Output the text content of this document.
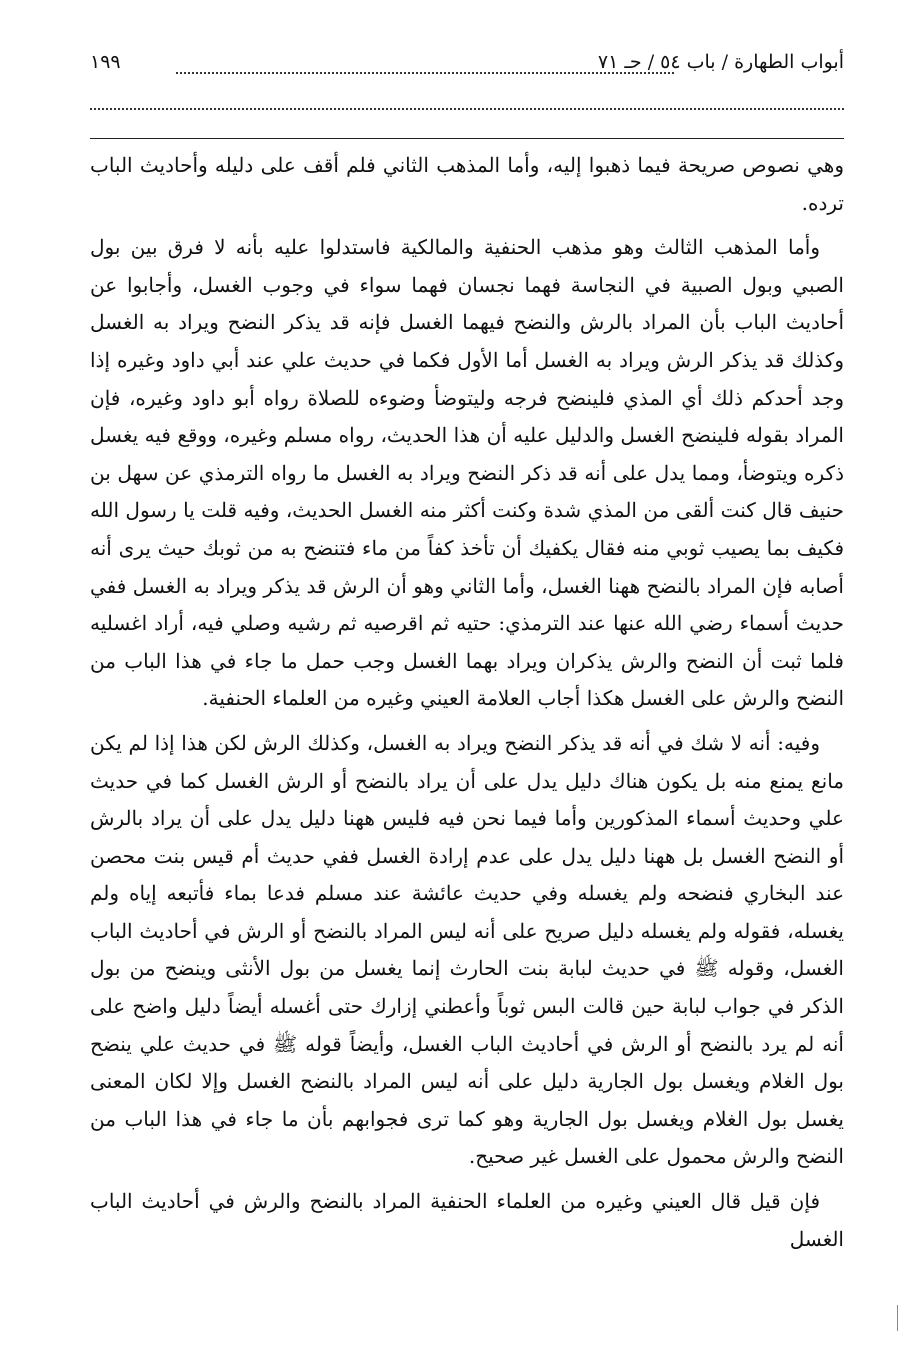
أبواب الطهارة / باب ٥٤ / حـ ٧١
١٩٩

وهي نصوص صريحة فيما ذهبوا إليه، وأما المذهب الثاني فلم أقف على دليله وأحاديث الباب ترده.

وأما المذهب الثالث وهو مذهب الحنفية والمالكية فاستدلوا عليه بأنه لا فرق بين بول الصبي وبول الصبية في النجاسة فهما نجسان فهما سواء في وجوب الغسل، وأجابوا عن أحاديث الباب بأن المراد بالرش والنضح فيهما الغسل فإنه قد يذكر النضح ويراد به الغسل وكذلك قد يذكر الرش ويراد به الغسل أما الأول فكما في حديث علي عند أبي داود وغيره إذا وجد أحدكم ذلك أي المذي فلينضح فرجه وليتوضأ وضوءه للصلاة رواه أبو داود وغيره، فإن المراد بقوله فلينضح الغسل والدليل عليه أن هذا الحديث، رواه مسلم وغيره، ووقع فيه يغسل ذكره ويتوضأ، ومما يدل على أنه قد ذكر النضح ويراد به الغسل ما رواه الترمذي عن سهل بن حنيف قال كنت ألقى من المذي شدة وكنت أكثر منه الغسل الحديث، وفيه قلت يا رسول الله فكيف بما يصيب ثوبي منه فقال يكفيك أن تأخذ كفاً من ماء فتنضح به من ثوبك حيث يرى أنه أصابه فإن المراد بالنضح ههنا الغسل، وأما الثاني وهو أن الرش قد يذكر ويراد به الغسل ففي حديث أسماء رضي الله عنها عند الترمذي: حتيه ثم اقرصيه ثم رشيه وصلي فيه، أراد اغسليه فلما ثبت أن النضح والرش يذكران ويراد بهما الغسل وجب حمل ما جاء في هذا الباب من النضح والرش على الغسل هكذا أجاب العلامة العيني وغيره من العلماء الحنفية.

وفيه: أنه لا شك في أنه قد يذكر النضح ويراد به الغسل، وكذلك الرش لكن هذا إذا لم يكن مانع يمنع منه بل يكون هناك دليل يدل على أن يراد بالنضح أو الرش الغسل كما في حديث علي وحديث أسماء المذكورين وأما فيما نحن فيه فليس ههنا دليل يدل على أن يراد بالرش أو النضح الغسل بل ههنا دليل يدل على عدم إرادة الغسل ففي حديث أم قيس بنت محصن عند البخاري فنضحه ولم يغسله وفي حديث عائشة عند مسلم فدعا بماء فأتبعه إياه ولم يغسله، فقوله ولم يغسله دليل صريح على أنه ليس المراد بالنضح أو الرش في أحاديث الباب الغسل، وقوله ﷺ في حديث لبابة بنت الحارث إنما يغسل من بول الأنثى وينضح من بول الذكر في جواب لبابة حين قالت البس ثوباً وأعطني إزارك حتى أغسله أيضاً دليل واضح على أنه لم يرد بالنضح أو الرش في أحاديث الباب الغسل، وأيضاً قوله ﷺ في حديث علي ينضح بول الغلام ويغسل بول الجارية دليل على أنه ليس المراد بالنضح الغسل وإلا لكان المعنى يغسل بول الغلام ويغسل بول الجارية وهو كما ترى فجوابهم بأن ما جاء في هذا الباب من النضح والرش محمول على الغسل غير صحيح.

فإن قيل قال العيني وغيره من العلماء الحنفية المراد بالنضح والرش في أحاديث الباب الغسل
